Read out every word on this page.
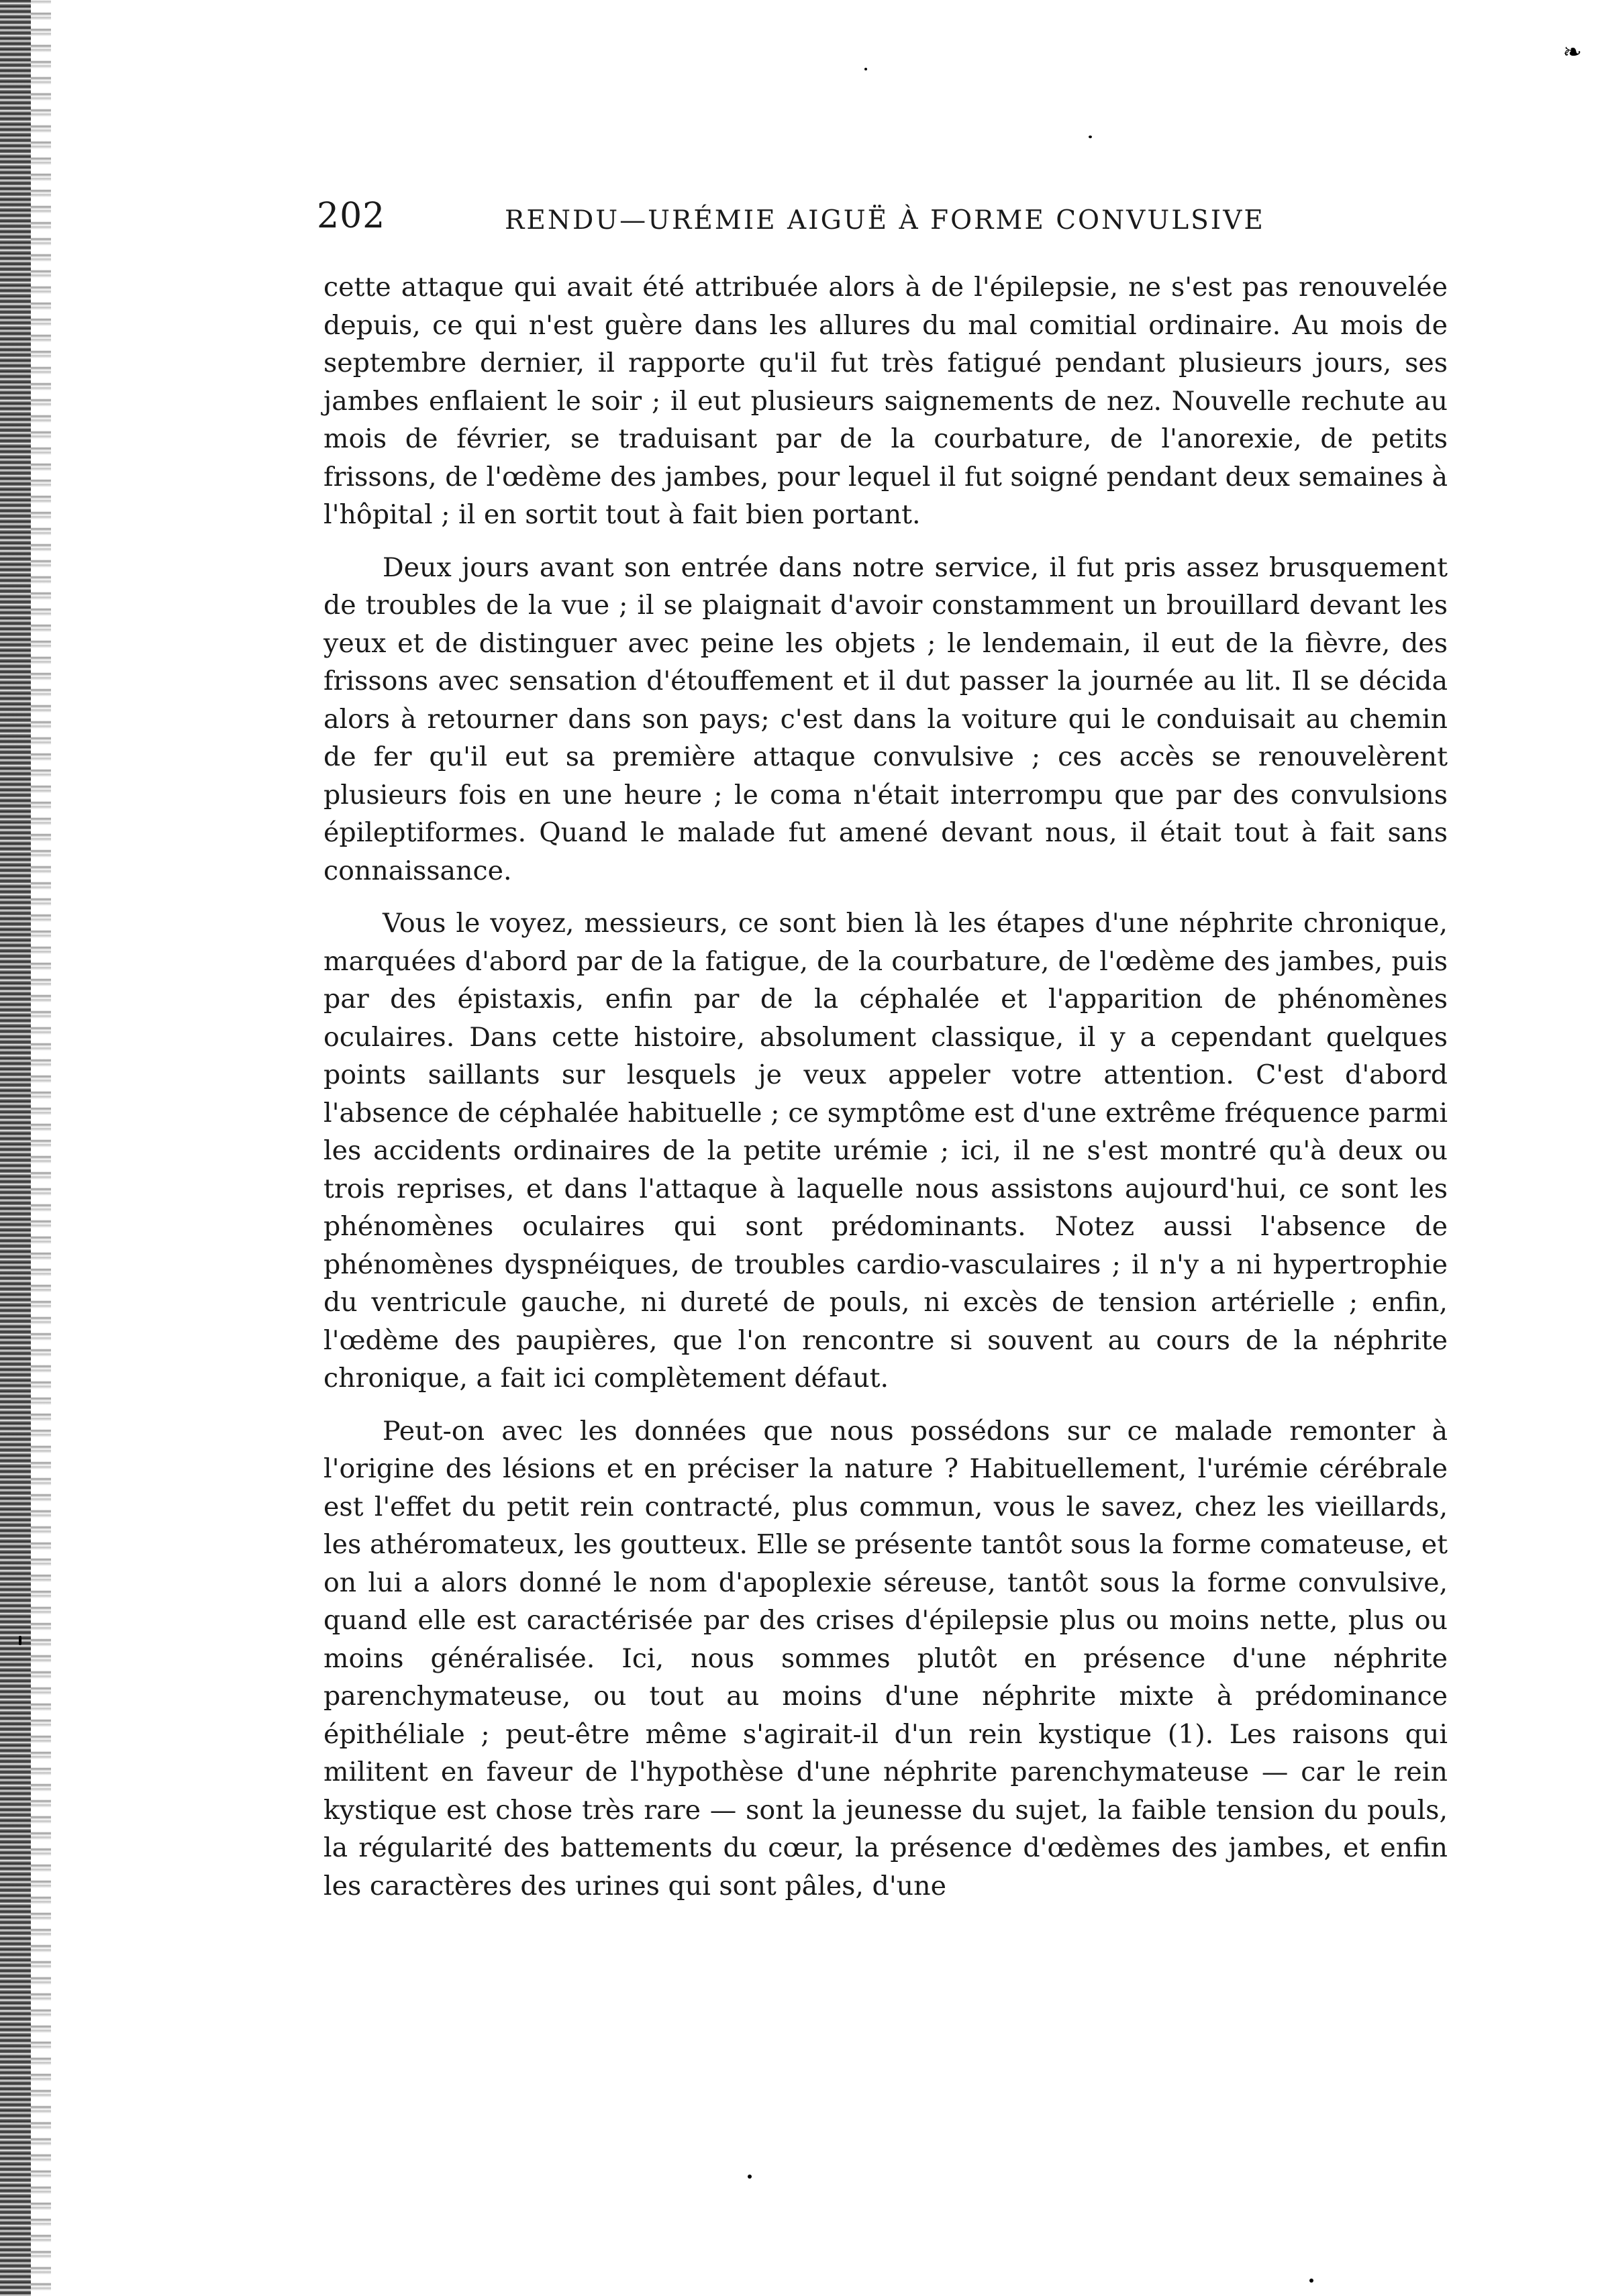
❧
202	RENDU—URÉMIE AIGUË À FORME CONVULSIVE

cette attaque qui avait été attribuée alors à de l'épilepsie, ne s'est pas renouvelée depuis, ce qui n'est guère dans les allures du mal comitial ordinaire. Au mois de septembre dernier, il rapporte qu'il fut très fatigué pendant plusieurs jours, ses jambes enflaient le soir ; il eut plusieurs saignements de nez. Nouvelle rechute au mois de février, se traduisant par de la courbature, de l'anorexie, de petits frissons, de l'œdème des jambes, pour lequel il fut soigné pendant deux semaines à l'hôpital ; il en sortit tout à fait bien portant.

Deux jours avant son entrée dans notre service, il fut pris assez brusquement de troubles de la vue ; il se plaignait d'avoir constamment un brouillard devant les yeux et de distinguer avec peine les objets ; le lendemain, il eut de la fièvre, des frissons avec sensation d'étouffement et il dut passer la journée au lit. Il se décida alors à retourner dans son pays; c'est dans la voiture qui le conduisait au chemin de fer qu'il eut sa première attaque convulsive ; ces accès se renouvelèrent plusieurs fois en une heure ; le coma n'était interrompu que par des convulsions épileptiformes. Quand le malade fut amené devant nous, il était tout à fait sans connaissance.

Vous le voyez, messieurs, ce sont bien là les étapes d'une néphrite chronique, marquées d'abord par de la fatigue, de la courbature, de l'œdème des jambes, puis par des épistaxis, enfin par de la céphalée et l'apparition de phénomènes oculaires. Dans cette histoire, absolument classique, il y a cependant quelques points saillants sur lesquels je veux appeler votre attention. C'est d'abord l'absence de céphalée habituelle ; ce symptôme est d'une extrême fréquence parmi les accidents ordinaires de la petite urémie ; ici, il ne s'est montré qu'à deux ou trois reprises, et dans l'attaque à laquelle nous assistons aujourd'hui, ce sont les phénomènes oculaires qui sont prédominants. Notez aussi l'absence de phénomènes dyspnéiques, de troubles cardio-vasculaires ; il n'y a ni hypertrophie du ventricule gauche, ni dureté de pouls, ni excès de tension artérielle ; enfin, l'œdème des paupières, que l'on rencontre si souvent au cours de la néphrite chronique, a fait ici complètement défaut.

Peut-on avec les données que nous possédons sur ce malade remonter à l'origine des lésions et en préciser la nature ? Habituellement, l'urémie cérébrale est l'effet du petit rein contracté, plus commun, vous le savez, chez les vieillards, les athéromateux, les goutteux. Elle se présente tantôt sous la forme comateuse, et on lui a alors donné le nom d'apoplexie séreuse, tantôt sous la forme convulsive, quand elle est caractérisée par des crises d'épilepsie plus ou moins nette, plus ou moins généralisée. Ici, nous sommes plutôt en présence d'une néphrite parenchymateuse, ou tout au moins d'une néphrite mixte à prédominance épithéliale ; peut-être même s'agirait-il d'un rein kystique (1). Les raisons qui militent en faveur de l'hypothèse d'une néphrite parenchymateuse — car le rein kystique est chose très rare — sont la jeunesse du sujet, la faible tension du pouls, la régularité des battements du cœur, la présence d'œdèmes des jambes, et enfin les caractères des urines qui sont pâles, d'une
